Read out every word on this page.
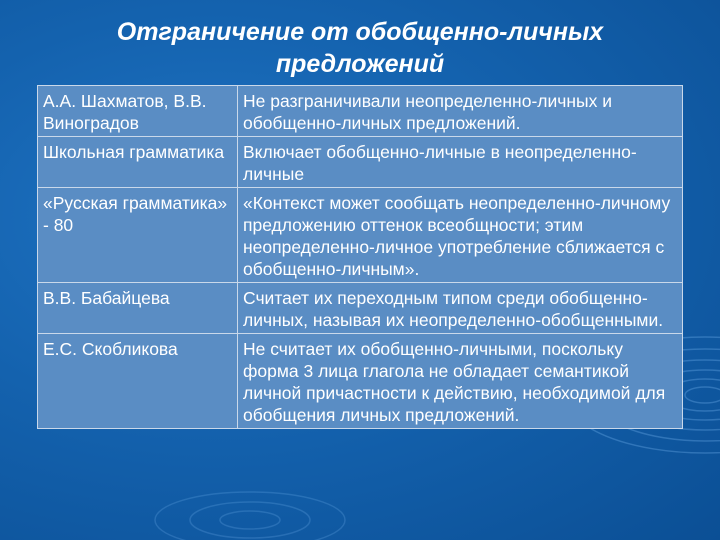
Отграничение от обобщенно-личных
предложений
А.А. Шахматов, В.В. Виноградов	Не разграничивали неопределенно-личных и обобщенно-личных предложений.
Школьная грамматика	Включает обобщенно-личные в неопределенно-личные
«Русская грамматика» - 80	«Контекст может сообщать неопределенно-личному предложению оттенок всеобщности; этим неопределенно-личное употребление сближается с обобщенно-личным».
В.В. Бабайцева	Считает их переходным типом среди обобщенно-личных, называя их неопределенно-обобщенными.
Е.С. Скобликова	Не считает их обобщенно-личными, поскольку форма 3 лица глагола не обладает семантикой личной причастности к действию, необходимой для обобщения личных предложений.
